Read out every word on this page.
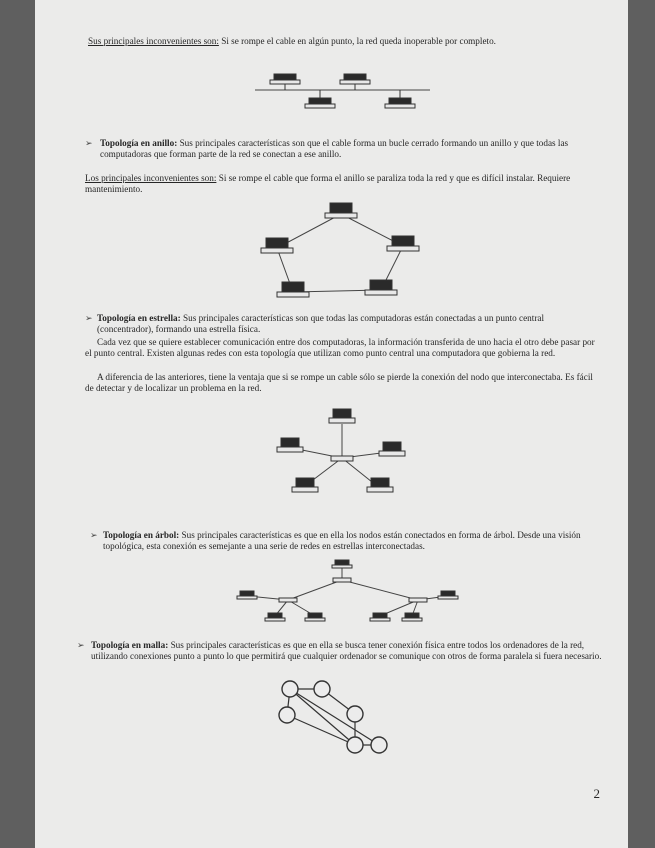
Sus principales inconvenientes son: Si se rompe el cable en algún punto, la red queda inoperable por completo.
➢ Topología en anillo: Sus principales características son que el cable forma un bucle cerrado formando un anillo y que todas las computadoras que forman parte de la red se conectan a ese anillo.
Los principales inconvenientes son: Si se rompe el cable que forma el anillo se paraliza toda la red y que es difícil instalar. Requiere mantenimiento.
➢ Topología en estrella: Sus principales características son que todas las computadoras están conectadas a un punto central (concentrador), formando una estrella física.
Cada vez que se quiere establecer comunicación entre dos computadoras, la información transferida de uno hacia el otro debe pasar por el punto central. Existen algunas redes con esta topología que utilizan como punto central una computadora que gobierna la red.
A diferencia de las anteriores, tiene la ventaja que si se rompe un cable sólo se pierde la conexión del nodo que interconectaba. Es fácil de detectar y de localizar un problema en la red.
➢ Topología en árbol: Sus principales características es que en ella los nodos están conectados en forma de árbol. Desde una visión topológica, esta conexión es semejante a una serie de redes en estrellas interconectadas.
➢ Topología en malla: Sus principales características es que en ella se busca tener conexión física entre todos los ordenadores de la red, utilizando conexiones punto a punto lo que permitirá que cualquier ordenador se comunique con otros de forma paralela si fuera necesario.
2
